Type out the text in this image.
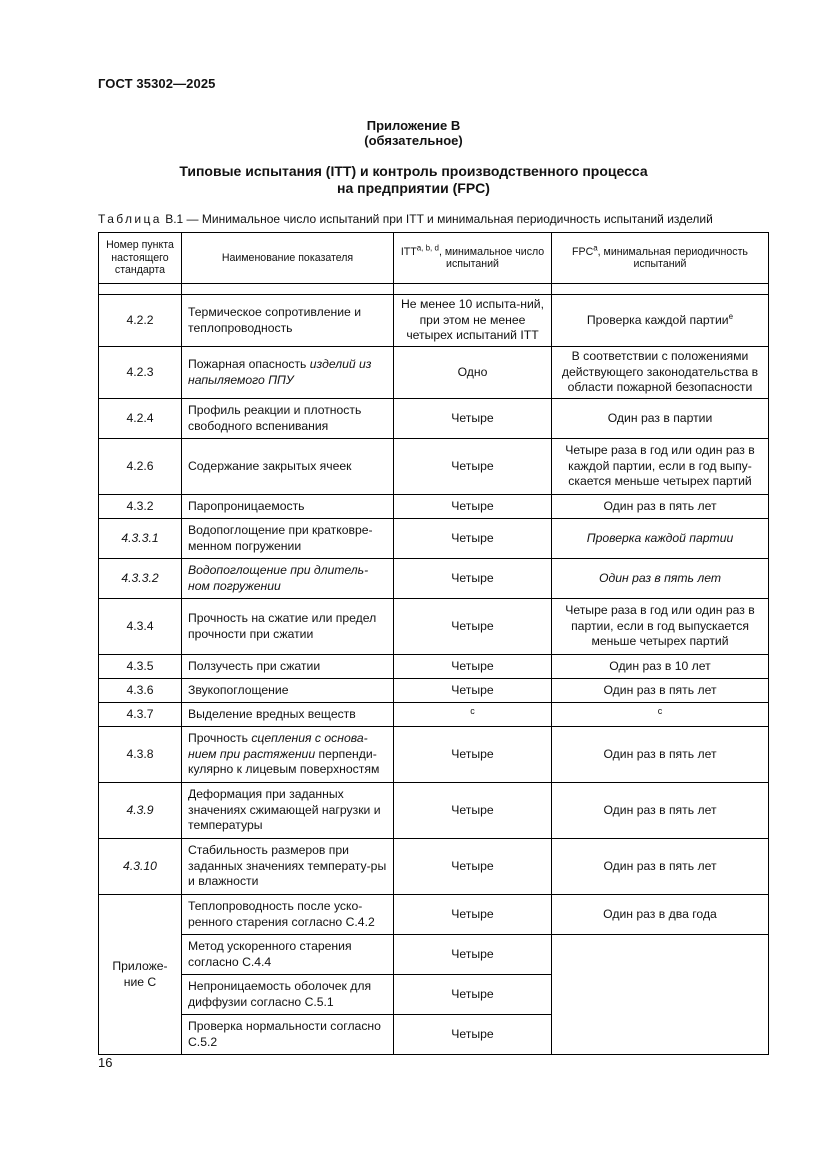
ГОСТ 35302—2025
Приложение В
(обязательное)
Типовые испытания (ITT) и контроль производственного процесса
на предприятии (FPC)
Таблица В.1 — Минимальное число испытаний при ITT и минимальная периодичность испытаний изделий
Номер пункта настоящего стандарта	Наименование показателя	ITT$^{a, b, d}$, минимальное число испытаний	FPC$^a$, минимальная периодичность испытаний

4.2.2	Термическое сопротивление и теплопроводность	Не менее 10 испыта-ний, при этом не менее четырех испытаний ITT	Проверка каждой партии$^е$
4.2.3	Пожарная опасность изделий из напыляемого ППУ	Одно	В соответствии с положениями действующего законодательства в области пожарной безопасности
4.2.4	Профиль реакции и плотность свободного вспенивания	Четыре	Один раз в партии
4.2.6	Содержание закрытых ячеек	Четыре	Четыре раза в год или один раз в каждой партии, если в год выпу-скается меньше четырех партий
4.3.2	Паропроницаемость	Четыре	Один раз в пять лет
4.3.3.1	Водопоглощение при кратковре-менном погружении	Четыре	Проверка каждой партии
4.3.3.2	Водопоглощение при длитель-ном погружении	Четыре	Один раз в пять лет
4.3.4	Прочность на сжатие или предел прочности при сжатии	Четыре	Четыре раза в год или один раз в партии, если в год выпускается меньше четырех партий
4.3.5	Ползучесть при сжатии	Четыре	Один раз в 10 лет
4.3.6	Звукопоглощение	Четыре	Один раз в пять лет
4.3.7	Выделение вредных веществ	с	с
4.3.8	Прочность сцепления с основа-нием при растяжении перпенди-кулярно к лицевым поверхностям	Четыре	Один раз в пять лет
4.3.9	Деформация при заданных значениях сжимающей нагрузки и температуры	Четыре	Один раз в пять лет
4.3.10	Стабильность размеров при заданных значениях температу-ры и влажности	Четыре	Один раз в пять лет
Приложе-ние С	Теплопроводность после уско-ренного старения согласно С.4.2	Четыре	Один раз в два года
	Метод ускоренного старения согласно С.4.4	Четыре	
	Непроницаемость оболочек для диффузии согласно С.5.1	Четыре	
	Проверка нормальности согласно С.5.2	Четыре	
16
